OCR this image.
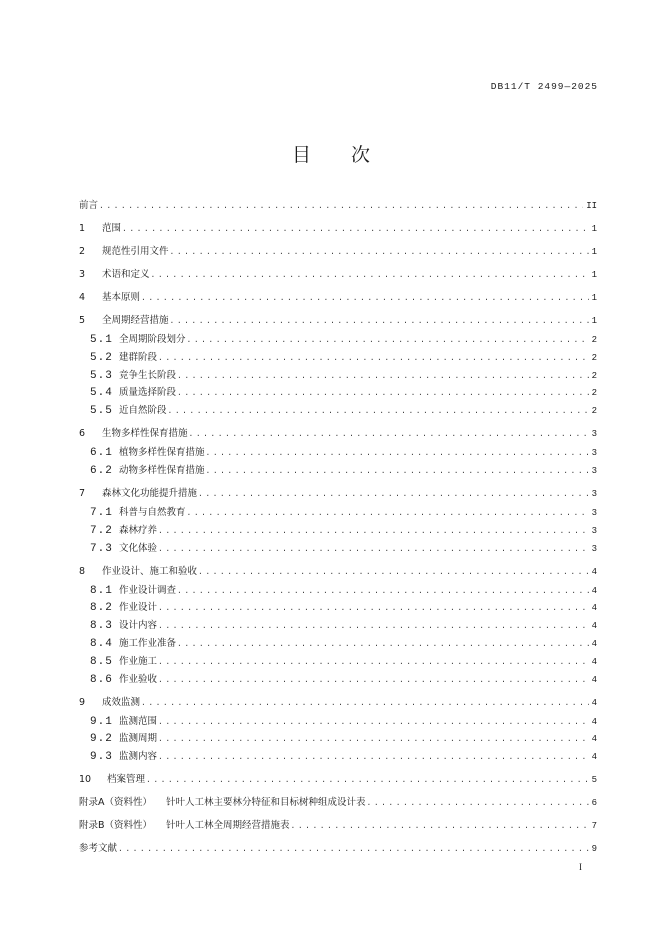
DB11/T 2499—2025
目次
前言 .....	II
1	范围 .....	1
2	规范性引用文件 .....	1
3	术语和定义 .....	1
4	基本原则 .....	1
5	全周期经营措施 .....	1
5.1 全周期阶段划分 .....	2
5.2 建群阶段 .....	2
5.3 竞争生长阶段 .....	2
5.4 质量选择阶段 .....	2
5.5 近自然阶段 .....	2
6	生物多样性保育措施 .....	3
6.1 植物多样性保育措施 .....	3
6.2 动物多样性保育措施 .....	3
7	森林文化功能提升措施 .....	3
7.1 科普与自然教育 .....	3
7.2 森林疗养 .....	3
7.3 文化体验 .....	3
8	作业设计、施工和验收 .....	4
8.1 作业设计调查 .....	4
8.2 作业设计 .....	4
8.3 设计内容 .....	4
8.4 施工作业准备 .....	4
8.5 作业施工 .....	4
8.6 作业验收 .....	4
9	成效监测 .....	4
9.1 监测范围 .....	4
9.2 监测周期 .....	4
9.3 监测内容 .....	4
10	档案管理 .....	5
附录A（资料性） 针叶人工林主要林分特征和目标树种组成设计表 .....	6
附录B（资料性） 针叶人工林全周期经营措施表 .....	7
参考文献 .....	9
I
